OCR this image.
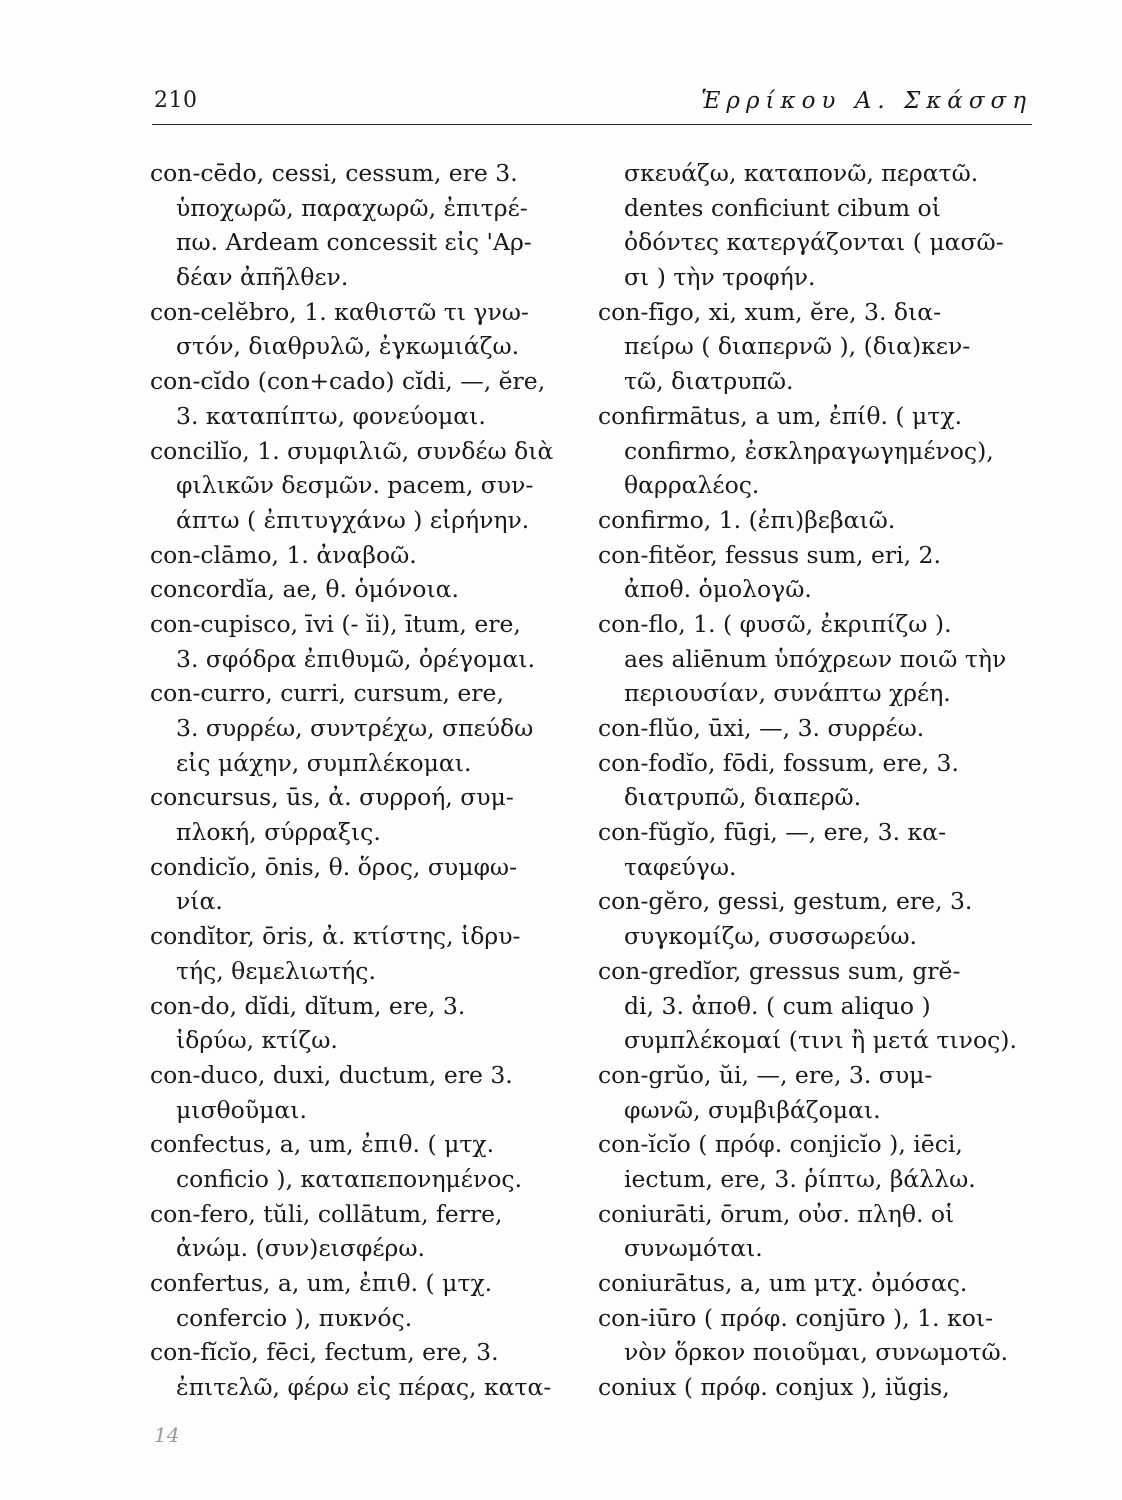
210	Ἑρρίκου Α. Σκάσση
con-cēdo, cessi, cessum, ere 3.
ὑποχωρῶ, παραχωρῶ, ἐπιτρέ-
πω. Ardeam concessit εἰς 'Αρ-
δέαν ἀπῆλθεν.
con-celĕbro, 1. καθιστῶ τι γνω-
στόν, διαθρυλῶ, ἐγκωμιάζω.
con-cĭdo (con+cado) cĭdi, —, ĕre,
3. καταπίπτω, φονεύομαι.
concilĭo, 1. συμφιλιῶ, συνδέω διὰ
φιλικῶν δεσμῶν. pacem, συν-
άπτω ( ἐπιτυγχάνω ) εἰρήνην.
con-clāmo, 1. ἀναβοῶ.
concordĭa, ae, θ. ὁμόνοια.
con-cupisco, īvi (- ĭi), ītum, ere,
3. σφόδρα ἐπιθυμῶ, ὀρέγομαι.
con-curro, curri, cursum, ere,
3. συρρέω, συντρέχω, σπεύδω
εἰς μάχην, συμπλέκομαι.
concursus, ūs, ἀ. συρροή, συμ-
πλοκή, σύρραξις.
condicĭo, ōnis, θ. ὅρος, συμφω-
νία.
condĭtor, ōris, ἀ. κτίστης, ἱδρυ-
τής, θεμελιωτής.
con-do, dĭdi, dĭtum, ere, 3.
ἱδρύω, κτίζω.
con-duco, duxi, ductum, ere 3.
μισθοῦμαι.
confectus, a, um, ἐπιθ. ( μτχ.
conficio ), καταπεπονημένος.
con-fero, tŭli, collātum, ferre,
ἀνώμ. (συν)εισφέρω.
confertus, a, um, ἐπιθ. ( μτχ.
confercio ), πυκνός.
con-fĭcĭo, fēci, fectum, ere, 3.
ἐπιτελῶ, φέρω εἰς πέρας, κατα-
σκευάζω, καταπονῶ, περατῶ.
dentes conficiunt cibum οἱ
ὀδόντες κατεργάζονται ( μασῶ-
σι ) τὴν τροφήν.
con-fīgo, xi, xum, ĕre, 3. δια-
πείρω ( διαπερνῶ ), (δια)κεν-
τῶ, διατρυπῶ.
confirmātus, a um, ἐπίθ. ( μτχ.
confirmo, ἐσκληραγωγημένος),
θαρραλέος.
confirmo, 1. (ἐπι)βεβαιῶ.
con-fitĕor, fessus sum, eri, 2.
ἀποθ. ὁμολογῶ.
con-flo, 1. ( φυσῶ, ἐκριπίζω ).
aes aliēnum ὑπόχρεων ποιῶ τὴν
περιουσίαν, συνάπτω χρέη.
con-flŭo, ūxi, —, 3. συρρέω.
con-fodĭo, fōdi, fossum, ere, 3.
διατρυπῶ, διαπερῶ.
con-fŭgĭo, fūgi, —, ere, 3. κα-
ταφεύγω.
con-gĕro, gessi, gestum, ere, 3.
συγκομίζω, συσσωρεύω.
con-gredĭor, gressus sum, grĕ-
di, 3. ἀποθ. ( cum aliquo )
συμπλέκομαί (τινι ἢ μετά τινος).
con-grŭo, ŭi, —, ere, 3. συμ-
φωνῶ, συμβιβάζομαι.
con-ĭcĭo ( πρόφ. conjicĭo ), iēci,
iectum, ere, 3. ῥίπτω, βάλλω.
coniurāti, ōrum, οὐσ. πληθ. οἱ
συνωμόται.
coniurātus, a, um μτχ. ὀμόσας.
con-iūro ( πρόφ. conjūro ), 1. κοι-
νὸν ὅρκον ποιοῦμαι, συνωμοτῶ.
coniux ( πρόφ. conjux ), iŭgis,
14
